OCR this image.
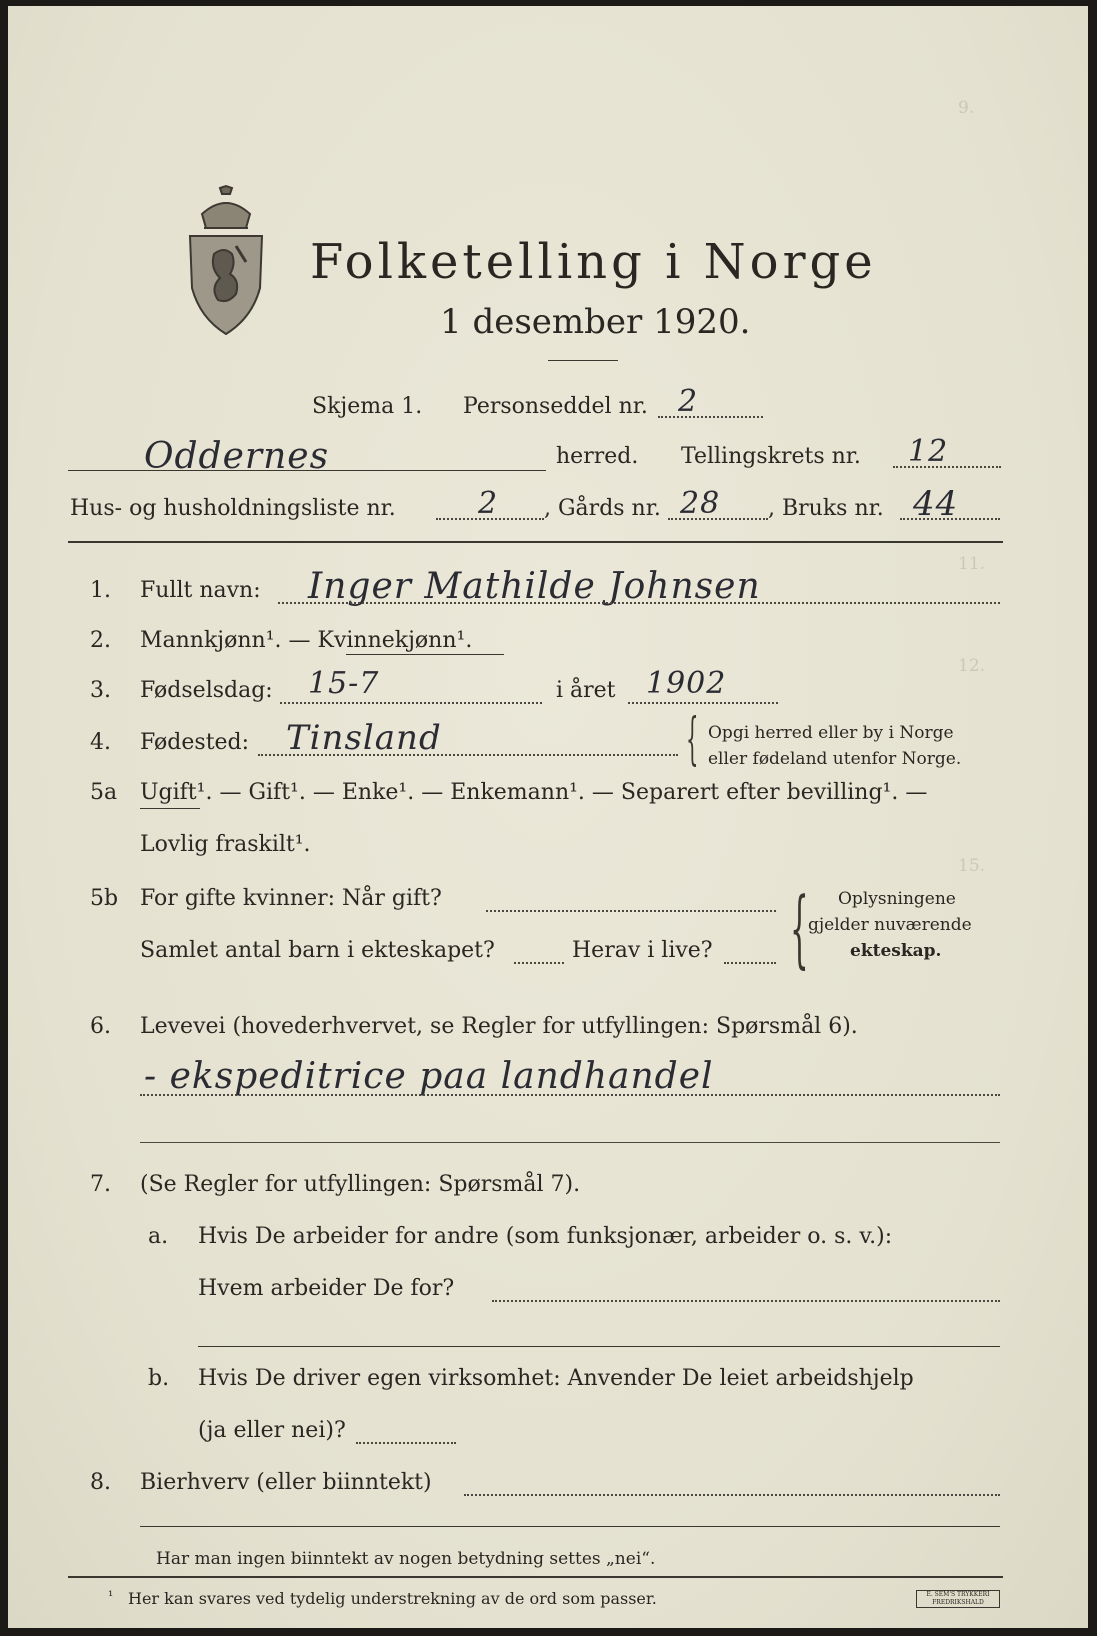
9.
11.
12.
15.
Folketelling i Norge
1 desember 1920.
Skjema 1. Personseddel nr. 2
Oddernes	herred. Tellingskrets nr. 12
Hus- og husholdningsliste nr.	2 , Gårds nr. 28 , Bruks nr. 44
1. Fullt navn: Inger Mathilde Johnsen
2. Mannkjønn¹. — Kvinnekjønn¹.
3. Fødselsdag: 15-7	i året 1902
4. Fødested: Tinsland	{ Opgi herred eller by i Norge
eller fødeland utenfor Norge.
5a Ugift¹. — Gift¹. — Enke¹. — Enkemann¹. — Separert efter bevilling¹. —
Lovlig fraskilt¹.
5b For gifte kvinner: Når gift?
Samlet antal barn i ekteskapet?	Herav i live? { Oplysningene
gjelder nuværende
ekteskap.
6. Levevei (hovederhvervet, se Regler for utfyllingen: Spørsmål 6).
- ekspeditrice paa landhandel
7. (Se Regler for utfyllingen: Spørsmål 7).
a. Hvis De arbeider for andre (som funksjonær, arbeider o. s. v.):
Hvem arbeider De for?
b. Hvis De driver egen virksomhet: Anvender De leiet arbeidshjelp
(ja eller nei)?
8. Bierhverv (eller biinntekt)
Har man ingen biinntekt av nogen betydning settes „nei“.
¹ Her kan svares ved tydelig understrekning av de ord som passer.	E. SEM'S TRYKKERI FREDRIKSHALD
